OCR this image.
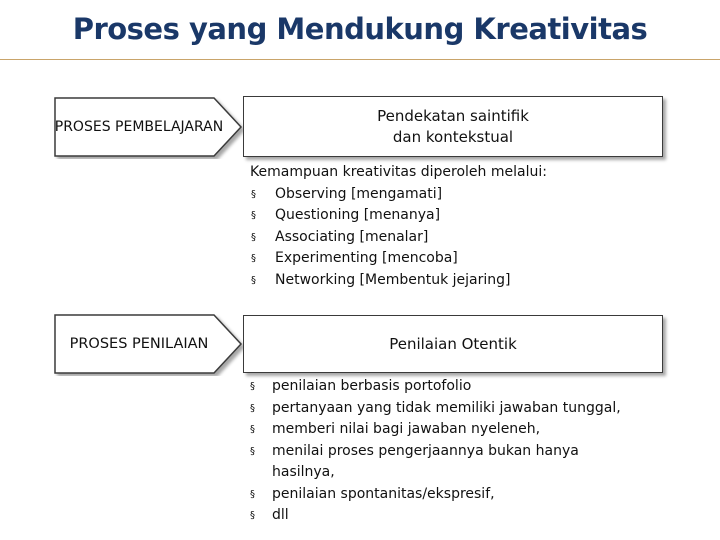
Proses yang Mendukung Kreativitas
PROSES PEMBELAJARAN
Pendekatan saintifik dan kontekstual
Kemampuan kreativitas diperoleh melalui:
§ Observing [mengamati]
§ Questioning [menanya]
§ Associating [menalar]
§ Experimenting [mencoba]
§ Networking [Membentuk jejaring]
PROSES PENILAIAN	Penilaian Otentik
§ penilaian berbasis portofolio
§ pertanyaan yang tidak memiliki jawaban tunggal,
§ memberi nilai bagi jawaban nyeleneh,
§ menilai proses pengerjaannya bukan hanya hasilnya,
§ penilaian spontanitas/ekspresif,
§ dll
